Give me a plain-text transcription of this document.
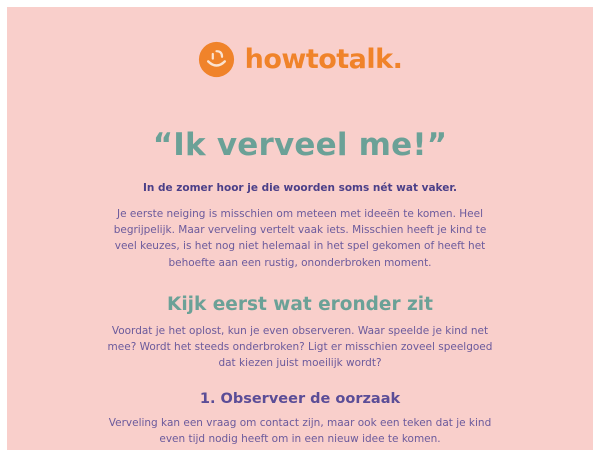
howtotalk.
“Ik verveel me!”
In de zomer hoor je die woorden soms nét wat vaker.
Je eerste neiging is misschien om meteen met ideeën te komen. Heel begrijpelijk. Maar verveling vertelt vaak iets. Misschien heeft je kind te veel keuzes, is het nog niet helemaal in het spel gekomen of heeft het behoefte aan een rustig, ononderbroken moment.
Kijk eerst wat eronder zit
Voordat je het oplost, kun je even observeren. Waar speelde je kind net mee? Wordt het steeds onderbroken? Ligt er misschien zoveel speelgoed dat kiezen juist moeilijk wordt?
1. Observeer de oorzaak
Verveling kan een vraag om contact zijn, maar ook een teken dat je kind even tijd nodig heeft om in een nieuw idee te komen.
